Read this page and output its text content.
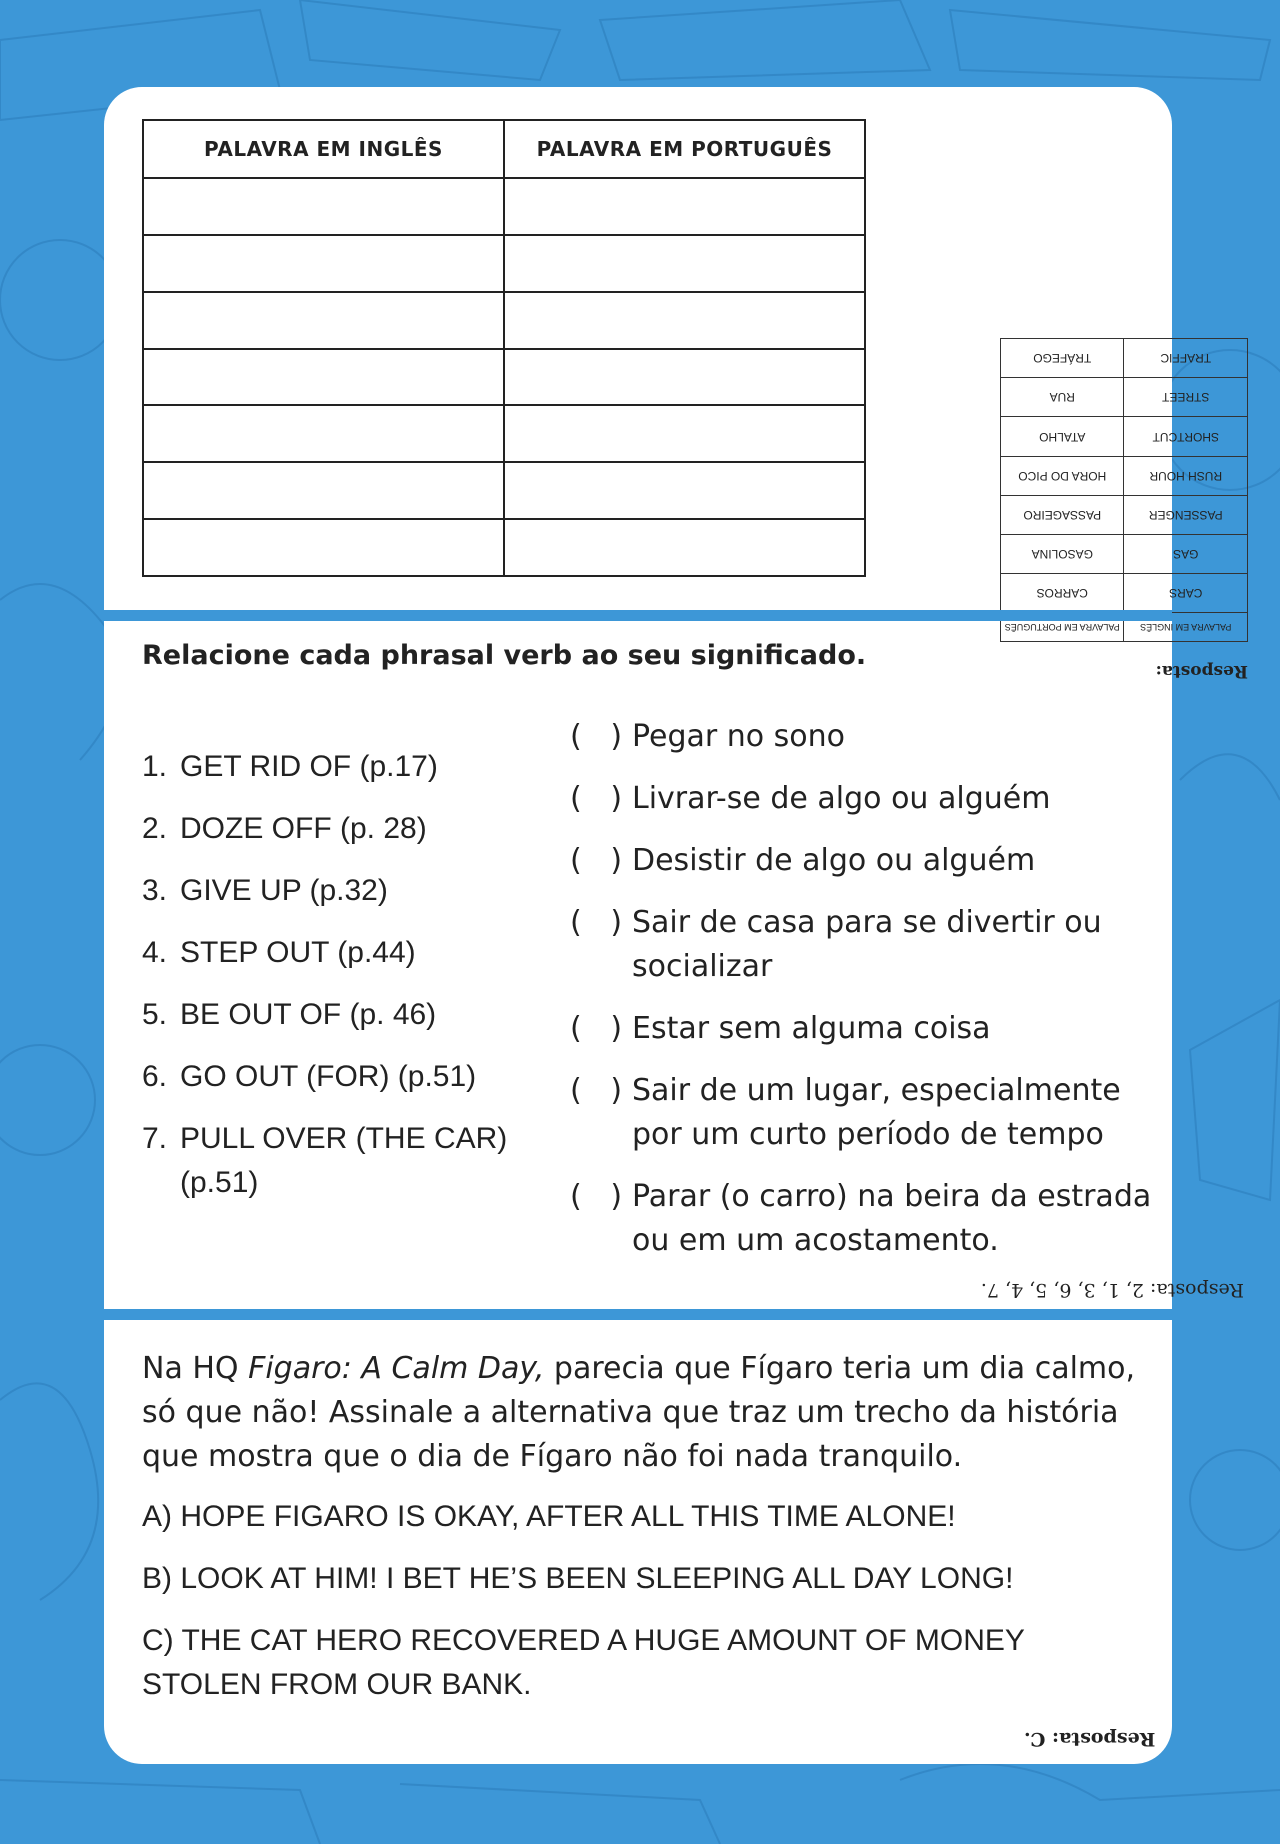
PALAVRA EM INGLÊS	PALAVRA EM PORTUGUÊS

Resposta:
PALAVRA EM INGLÊS	PALAVRA EM PORTUGUÊS
CARS	CARROS
GAS	GASOLINA
PASSENGER	PASSAGEIRO
RUSH HOUR	HORA DO PICO
SHORTCUT	ATALHO
STREET	RUA
TRAFFIC	TRÁFEGO
Relacione cada phrasal verb ao seu significado.
1. GET RID OF (p.17)
2. DOZE OFF (p. 28)
3. GIVE UP (p.32)
4. STEP OUT (p.44)
5. BE OUT OF (p. 46)
6. GO OUT (FOR) (p.51)
7. PULL OVER (THE CAR) (p.51)
(   ) Pegar no sono
(   ) Livrar-se de algo ou alguém
(   ) Desistir de algo ou alguém
(   ) Sair de casa para se divertir ou socializar
(   ) Estar sem alguma coisa
(   ) Sair de um lugar, especialmente por um curto período de tempo
(   ) Parar (o carro) na beira da estrada ou em um acostamento.
Resposta: 2, 1, 3, 6, 5, 4, 7.
Na HQ Figaro: A Calm Day, parecia que Fígaro teria um dia calmo, só que não! Assinale a alternativa que traz um trecho da história que mostra que o dia de Fígaro não foi nada tranquilo.
A) HOPE FIGARO IS OKAY, AFTER ALL THIS TIME ALONE!
B) LOOK AT HIM! I BET HE’S BEEN SLEEPING ALL DAY LONG!
C) THE CAT HERO RECOVERED A HUGE AMOUNT OF MONEY STOLEN FROM OUR BANK.
Resposta: C.
